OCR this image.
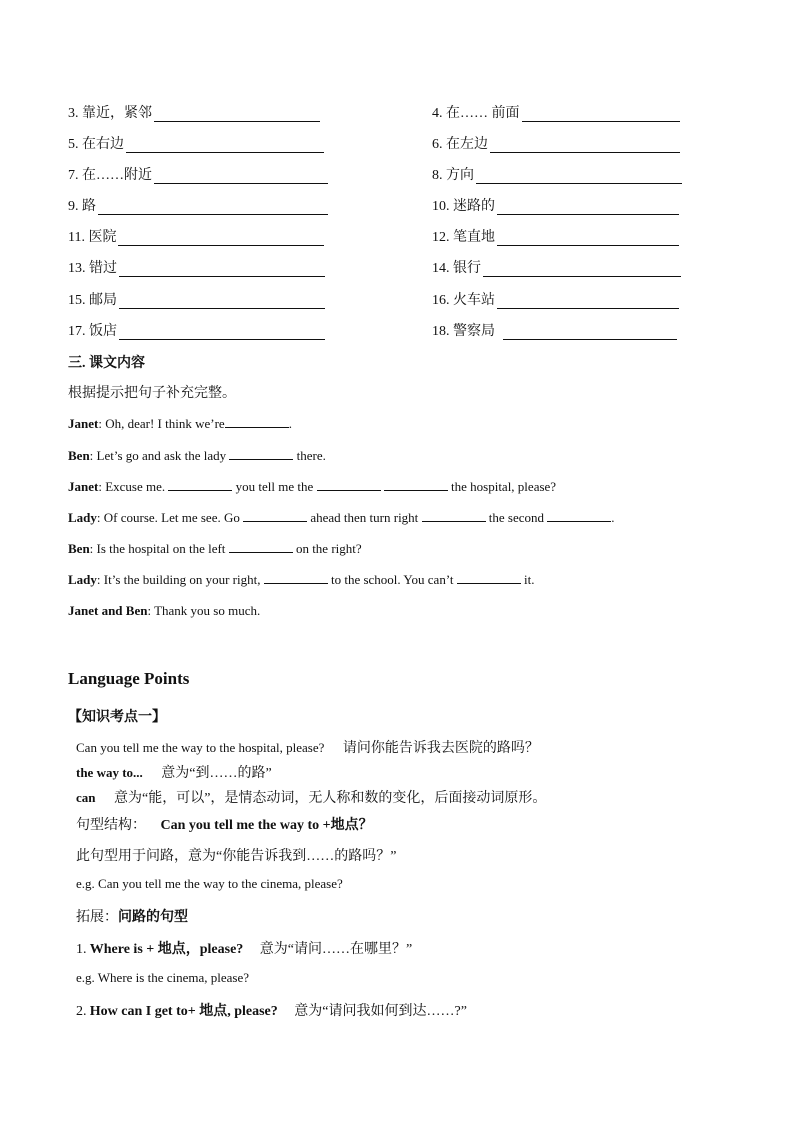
3. 靠近，紧邻	4. 在…… 前面
5. 在右边	6. 在左边
7. 在……附近	8. 方向
9. 路	10. 迷路的
11. 医院	12. 笔直地
13. 错过	14. 银行
15. 邮局	16. 火车站
17. 饭店	18. 警察局
三. 课文内容
根据提示把句子补充完整。
Janet: Oh, dear! I think we’re	.
Ben: Let’s go and ask the lady	there.
Janet: Excuse me.	you tell me the	the hospital, please?
Lady: Of course. Let me see. Go	ahead then turn right	the second	.
Ben: Is the hospital on the left	on the right?
Lady: It’s the building on your right,	to the school. You can’t	it.
Janet and Ben: Thank you so much.
Language Points
【知识考点一】
Can you tell me the way to the hospital, please? 请问你能告诉我去医院的路吗？
the way to... 意为“到……的路”
can 意为“能，可以”，是情态动词，无人称和数的变化，后面接动词原形。
句型结构： Can you tell me the way to +地点？
此句型用于问路，意为“你能告诉我到……的路吗？”
e.g. Can you tell me the way to the cinema, please?
拓展：问路的句型
1. Where is + 地点，please? 意为“请问……在哪里？”
e.g. Where is the cinema, please?
2. How can I get to+ 地点, please? 意为“请问我如何到达……?”
